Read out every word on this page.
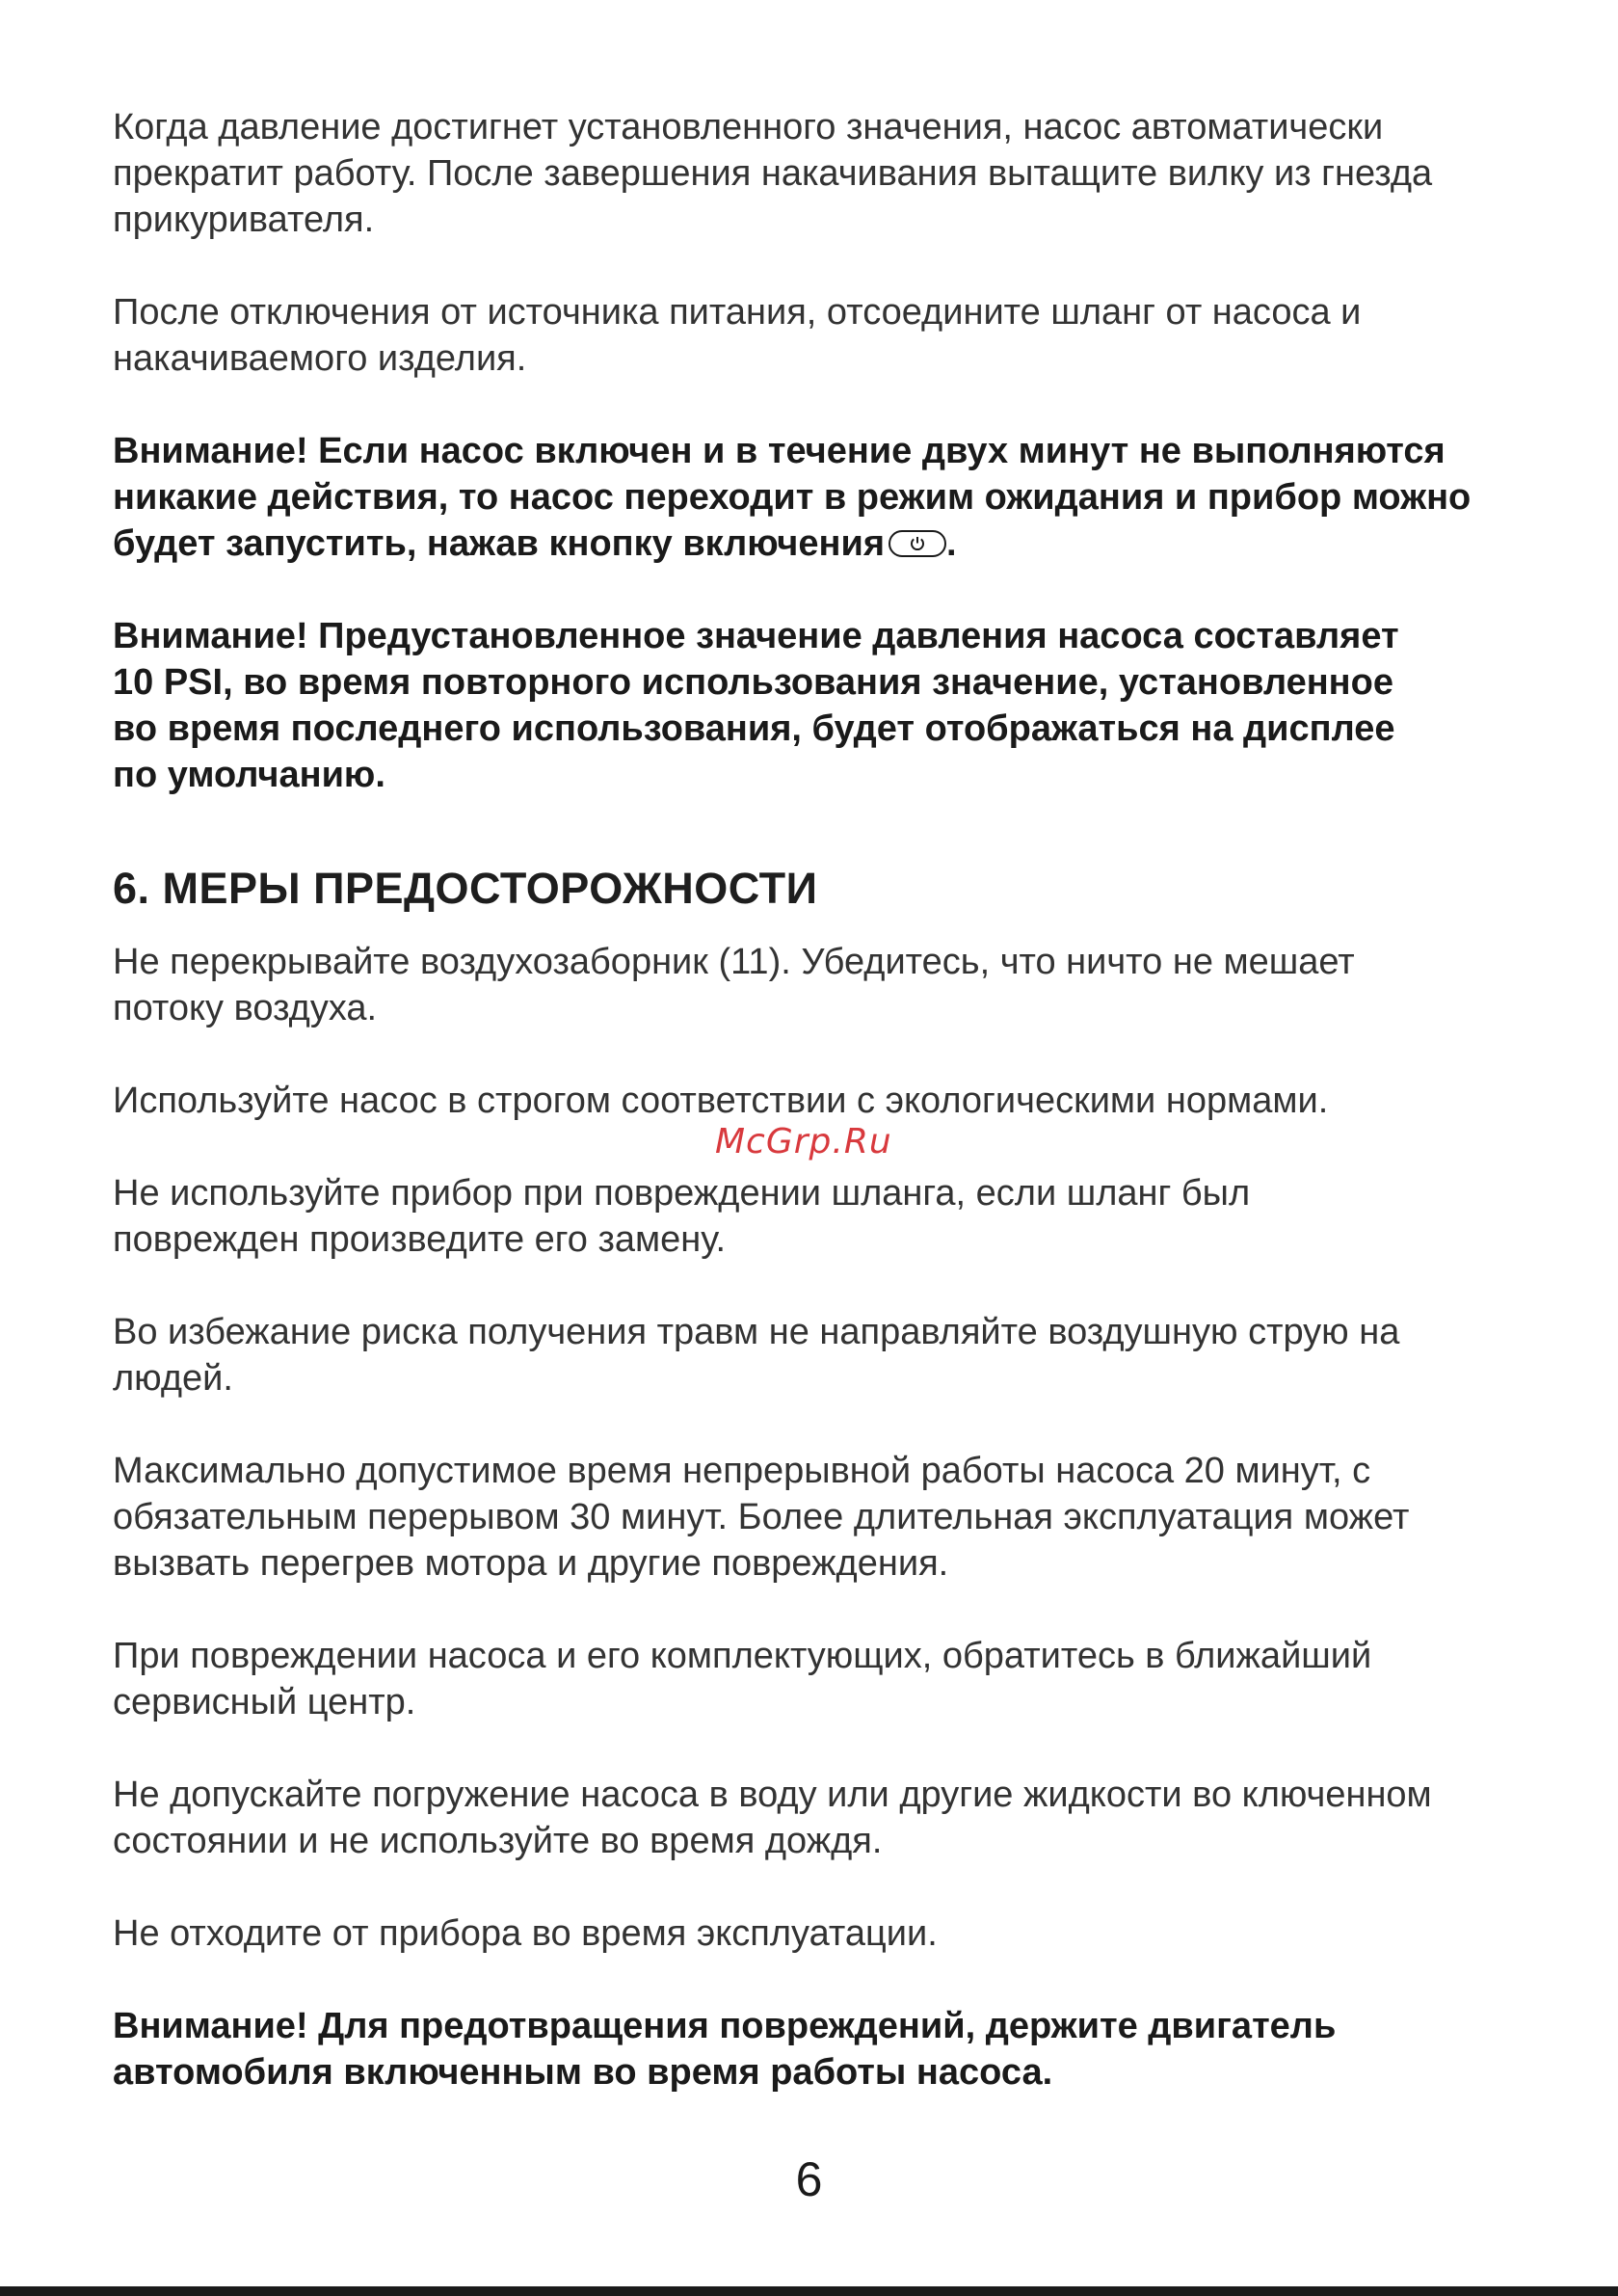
Когда давление достигнет установленного значения, насос автоматически прекратит работу. После завершения накачивания вытащите вилку из гнезда прикуривателя.

После отключения от источника питания, отсоедините шланг от насоса и накачиваемого изделия.

Внимание! Если насос включен и в течение двух минут не выполняются никакие действия, то насос переходит в режим ожидания и прибор можно будет запустить, нажав кнопку включения .

Внимание! Предустановленное значение давления насоса составляет 10 PSI, во время повторного использования значение, установленное во время последнего использования, будет отображаться на дисплее по умолчанию.

6. МЕРЫ ПРЕДОСТОРОЖНОСТИ

Не перекрывайте воздухозаборник (11). Убедитесь, что ничто не мешает потоку воздуха.

Используйте насос в строгом соответствии с экологическими нормами.

Не используйте прибор при повреждении шланга, если шланг был поврежден произведите его замену.

Во избежание риска получения травм не направляйте воздушную струю на людей.

Максимально допустимое время непрерывной работы насоса 20 минут, с обязательным перерывом 30 минут. Более длительная эксплуатация может вызвать перегрев мотора и другие повреждения.

При повреждении насоса и его комплектующих, обратитесь в ближайший сервисный центр.

Не допускайте погружение насоса в воду или другие жидкости во ключенном состоянии и не используйте во время дождя.

Не отходите от прибора во время эксплуатации.

Внимание! Для предотвращения повреждений, держите двигатель автомобиля включенным во время работы насоса.

McGrp.Ru
6
